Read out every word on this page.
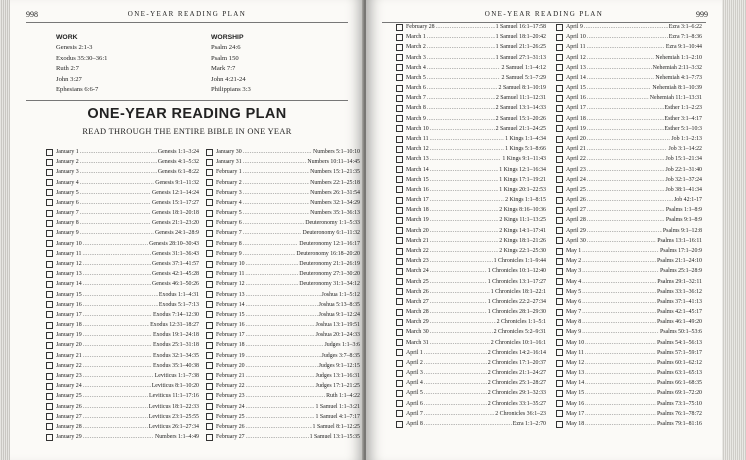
998	ONE-YEAR READING PLAN
WORK
Genesis 2:1-3
Exodus 35:30–36:1
Ruth 2:7
John 3:27
Ephesians 6:6-7
WORSHIP
Psalm 24:6
Psalm 150
Mark 7:7
John 4:21-24
Philippians 3:3
ONE-YEAR READING PLAN
READ THROUGH THE ENTIRE BIBLE IN ONE YEAR
January 1 .....	Genesis 1:1–3:24
January 2 .....	Genesis 4:1–5:32
January 3 .....	Genesis 6:1–8:22
January 4 .....	Genesis 9:1–11:32
January 5 .....	Genesis 12:1–14:24
January 6 .....	Genesis 15:1–17:27
January 7 .....	Genesis 18:1–20:18
January 8 .....	Genesis 21:1–23:20
January 9 .....	Genesis 24:1–28:9
January 10 .....	Genesis 28:10–30:43
January 11 .....	Genesis 31:1–36:43
January 12 .....	Genesis 37:1–41:57
January 13 .....	Genesis 42:1–45:28
January 14 .....	Genesis 46:1–50:26
January 15 .....	Exodus 1:1–4:31
January 16 .....	Exodus 5:1–7:13
January 17 .....	Exodus 7:14–12:30
January 18 .....	Exodus 12:31–18:27
January 19 .....	Exodus 19:1–24:18
January 20 .....	Exodus 25:1–31:18
January 21 .....	Exodus 32:1–34:35
January 22 .....	Exodus 35:1–40:38
January 23 .....	Leviticus 1:1–7:38
January 24 .....	Leviticus 8:1–10:20
January 25 .....	Leviticus 11:1–17:16
January 26 .....	Leviticus 18:1–22:33
January 27 .....	Leviticus 23:1–25:55
January 28 .....	Leviticus 26:1–27:34
January 29 .....	Numbers 1:1–4:49
January 30 .....	Numbers 5:1–10:10
January 31 .....	Numbers 10:11–14:45
February 1 .....	Numbers 15:1–21:35
February 2 .....	Numbers 22:1–25:18
February 3 .....	Numbers 26:1–31:54
February 4 .....	Numbers 32:1–34:29
February 5 .....	Numbers 35:1–36:13
February 6 .....	Deuteronomy 1:1–5:33
February 7 .....	Deuteronomy 6:1–11:32
February 8 .....	Deuteronomy 12:1–16:17
February 9 .....	Deuteronomy 16:18–20:20
February 10 .....	Deuteronomy 21:1–26:19
February 11 .....	Deuteronomy 27:1–30:20
February 12 .....	Deuteronomy 31:1–34:12
February 13 .....	Joshua 1:1–5:12
February 14 .....	Joshua 5:13–8:35
February 15 .....	Joshua 9:1–12:24
February 16 .....	Joshua 13:1–19:51
February 17 .....	Joshua 20:1–24:33
February 18 .....	Judges 1:1–3:6
February 19 .....	Judges 3:7–8:35
February 20 .....	Judges 9:1–12:15
February 21 .....	Judges 13:1–16:31
February 22 .....	Judges 17:1–21:25
February 23 .....	Ruth 1:1–4:22
February 24 .....	1 Samuel 1:1–3:21
February 25 .....	1 Samuel 4:1–7:17
February 26 .....	1 Samuel 8:1–12:25
February 27 .....	1 Samuel 13:1–15:35
ONE-YEAR READING PLAN	999
February 28 .....	1 Samuel 16:1–17:58
March 1 .....	1 Samuel 18:1–20:42
March 2 .....	1 Samuel 21:1–26:25
March 3 .....	1 Samuel 27:1–31:13
March 4 .....	2 Samuel 1:1–4:12
March 5 .....	2 Samuel 5:1–7:29
March 6 .....	2 Samuel 8:1–10:19
March 7 .....	2 Samuel 11:1–12:31
March 8 .....	2 Samuel 13:1–14:33
March 9 .....	2 Samuel 15:1–20:26
March 10 .....	2 Samuel 21:1–24:25
March 11 .....	1 Kings 1:1–4:34
March 12 .....	1 Kings 5:1–8:66
March 13 .....	1 Kings 9:1–11:43
March 14 .....	1 Kings 12:1–16:34
March 15 .....	1 Kings 17:1–19:21
March 16 .....	1 Kings 20:1–22:53
March 17 .....	2 Kings 1:1–8:15
March 18 .....	2 Kings 8:16–10:36
March 19 .....	2 Kings 11:1–13:25
March 20 .....	2 Kings 14:1–17:41
March 21 .....	2 Kings 18:1–21:26
March 22 .....	2 Kings 22:1–25:30
March 23 .....	1 Chronicles 1:1–9:44
March 24 .....	1 Chronicles 10:1–12:40
March 25 .....	1 Chronicles 13:1–17:27
March 26 .....	1 Chronicles 18:1–22:1
March 27 .....	1 Chronicles 22:2–27:34
March 28 .....	1 Chronicles 28:1–29:30
March 29 .....	2 Chronicles 1:1–5:1
March 30 .....	2 Chronicles 5:2–9:31
March 31 .....	2 Chronicles 10:1–16:1
April 1 .....	2 Chronicles 14:2–16:14
April 2 .....	2 Chronicles 17:1–20:37
April 3 .....	2 Chronicles 21:1–24:27
April 4 .....	2 Chronicles 25:1–28:27
April 5 .....	2 Chronicles 29:1–32:33
April 6 .....	2 Chronicles 33:1–35:27
April 7 .....	2 Chronicles 36:1–23
April 8 .....	Ezra 1:1–2:70
April 9 .....	Ezra 3:1–6:22
April 10 .....	Ezra 7:1–8:36
April 11 .....	Ezra 9:1–10:44
April 12 .....	Nehemiah 1:1–2:10
April 13 .....	Nehemiah 2:11–3:32
April 14 .....	Nehemiah 4:1–7:73
April 15 .....	Nehemiah 8:1–10:39
April 16 .....	Nehemiah 11:1–13:31
April 17 .....	Esther 1:1–2:23
April 18 .....	Esther 3:1–4:17
April 19 .....	Esther 5:1–10:3
April 20 .....	Job 1:1–2:13
April 21 .....	Job 3:1–14:22
April 22 .....	Job 15:1–21:34
April 23 .....	Job 22:1–31:40
April 24 .....	Job 32:1–37:24
April 25 .....	Job 38:1–41:34
April 26 .....	Job 42:1-17
April 27 .....	Psalms 1:1–8:9
April 28 .....	Psalms 9:1–8:9
April 29 .....	Psalms 9:1–12:8
April 30 .....	Psalms 13:1–16:11
May 1 .....	Psalms 17:1–20:9
May 2 .....	Psalms 21:1–24:10
May 3 .....	Psalms 25:1–28:9
May 4 .....	Psalms 29:1–32:11
May 5 .....	Psalms 33:1–36:12
May 6 .....	Psalms 37:1–41:13
May 7 .....	Psalms 42:1–45:17
May 8 .....	Psalms 46:1–49:20
May 9 .....	Psalms 50:1–53:6
May 10 .....	Psalms 54:1–56:13
May 11 .....	Psalms 57:1–59:17
May 12 .....	Psalms 60:1–62:12
May 13 .....	Psalms 63:1–65:13
May 14 .....	Psalms 66:1–68:35
May 15 .....	Psalms 69:1–72:20
May 16 .....	Psalms 73:1–75:10
May 17 .....	Psalms 76:1–78:72
May 18 .....	Psalms 79:1–81:16
